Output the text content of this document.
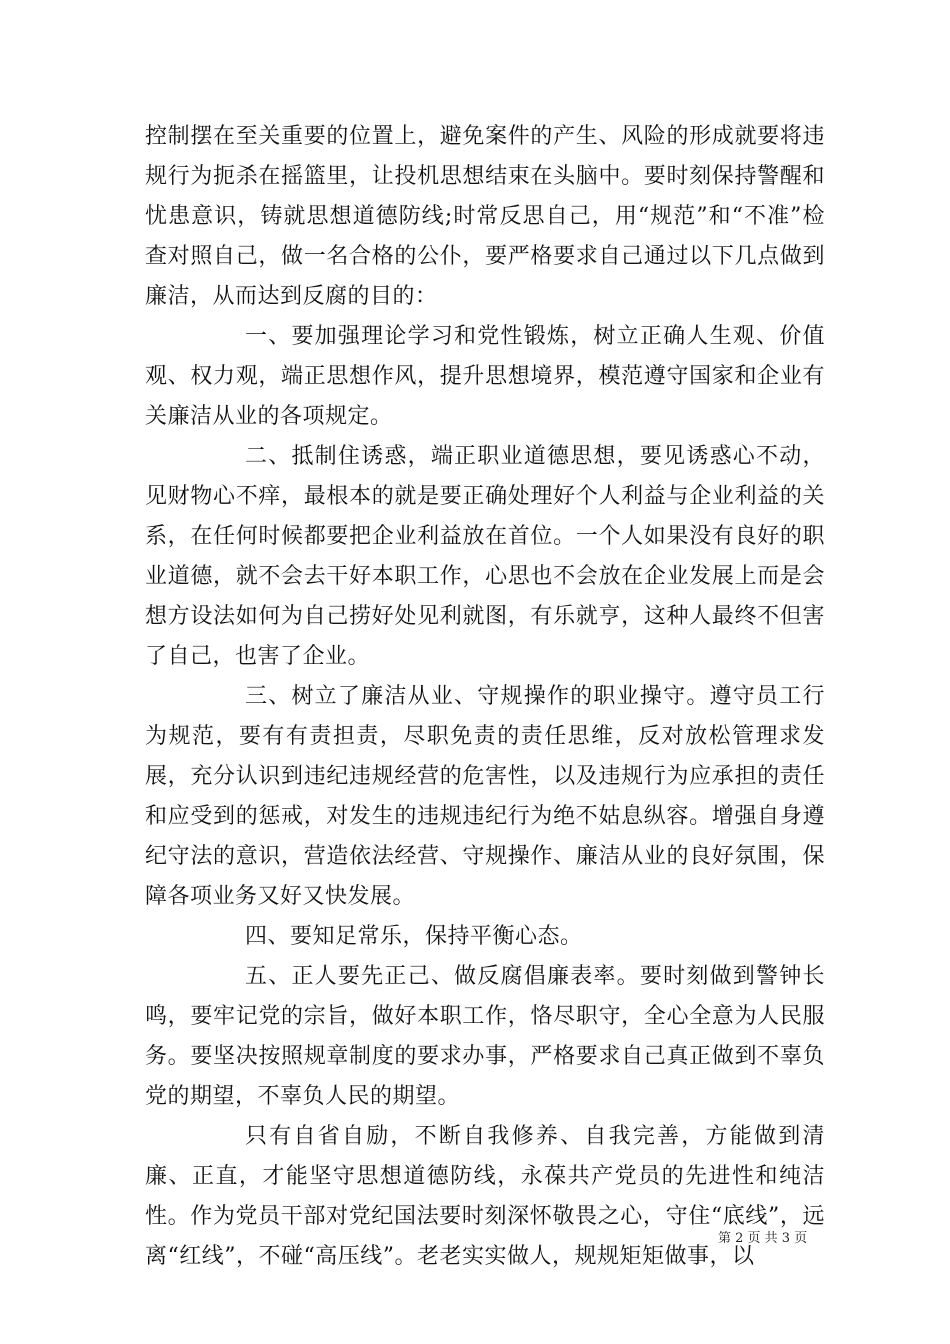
控制摆在至关重要的位置上，避免案件的产生、风险的形成就要将违规行为扼杀在摇篮里，让投机思想结束在头脑中。要时刻保持警醒和忧患意识，铸就思想道德防线;时常反思自己，用“规范”和“不准”检查对照自己，做一名合格的公仆，要严格要求自己通过以下几点做到廉洁，从而达到反腐的目的：

一、要加强理论学习和党性锻炼，树立正确人生观、价值观、权力观，端正思想作风，提升思想境界，模范遵守国家和企业有关廉洁从业的各项规定。

二、抵制住诱惑，端正职业道德思想，要见诱惑心不动，见财物心不痒，最根本的就是要正确处理好个人利益与企业利益的关系，在任何时候都要把企业利益放在首位。一个人如果没有良好的职业道德，就不会去干好本职工作，心思也不会放在企业发展上而是会想方设法如何为自己捞好处见利就图，有乐就亨，这种人最终不但害了自己，也害了企业。

三、树立了廉洁从业、守规操作的职业操守。遵守员工行为规范，要有有责担责，尽职免责的责任思维，反对放松管理求发展，充分认识到违纪违规经营的危害性，以及违规行为应承担的责任和应受到的惩戒，对发生的违规违纪行为绝不姑息纵容。增强自身遵纪守法的意识，营造依法经营、守规操作、廉洁从业的良好氛围，保障各项业务又好又快发展。

四、要知足常乐，保持平衡心态。

五、正人要先正己、做反腐倡廉表率。要时刻做到警钟长鸣，要牢记党的宗旨，做好本职工作，恪尽职守，全心全意为人民服务。要坚决按照规章制度的要求办事，严格要求自己真正做到不辜负党的期望，不辜负人民的期望。

只有自省自励，不断自我修养、自我完善，方能做到清廉、正直，才能坚守思想道德防线，永葆共产党员的先进性和纯洁性。作为党员干部对党纪国法要时刻深怀敬畏之心，守住“底线”，远离“红线”，不碰“高压线”。老老实实做人，规规矩矩做事，以

第 2 页 共 3 页
